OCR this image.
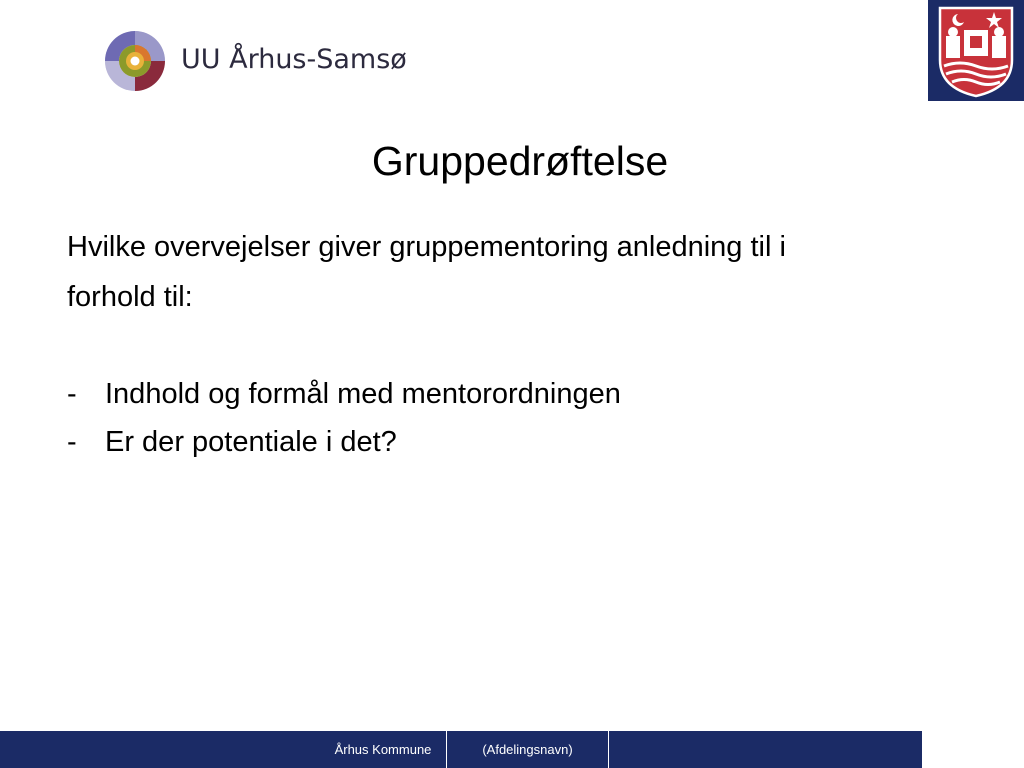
UU Århus-Samsø
Gruppedrøftelse

Hvilke overvejelser giver gruppementoring anledning til i

forhold til:

- Indhold og formål med mentorordningen
- Er der potentiale i det?
Århus Kommune	(Afdelingsnavn)
